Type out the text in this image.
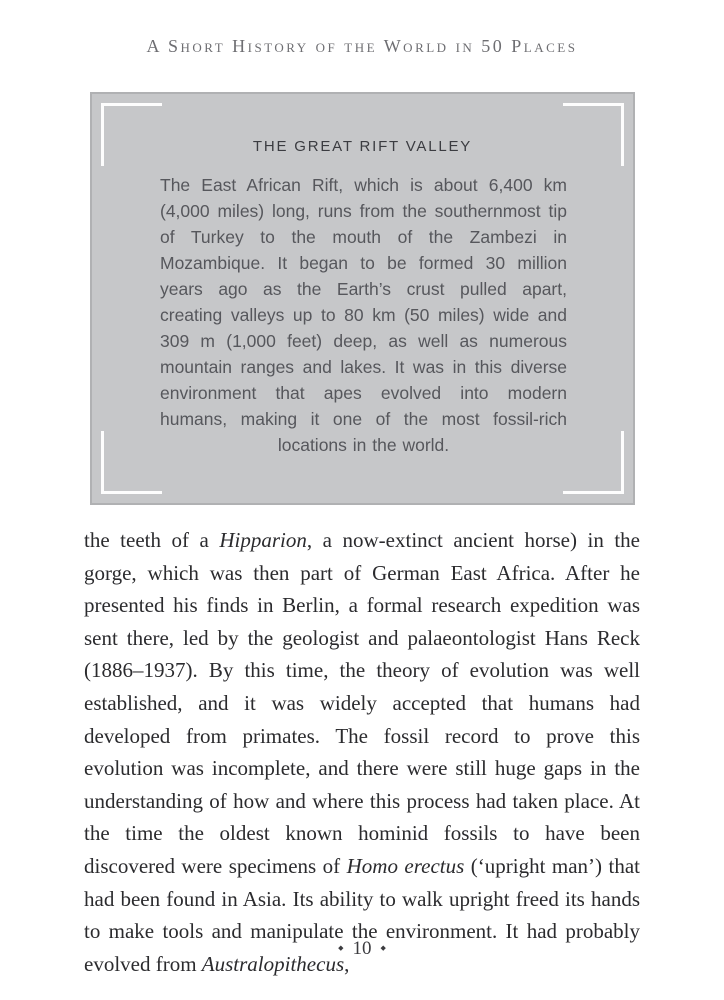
A Short History of the World in 50 Places
THE GREAT RIFT VALLEY

The East African Rift, which is about 6,400 km (4,000 miles) long, runs from the southernmost tip of Turkey to the mouth of the Zambezi in Mozambique. It began to be formed 30 million years ago as the Earth’s crust pulled apart, creating valleys up to 80 km (50 miles) wide and 309 m (1,000 feet) deep, as well as numerous mountain ranges and lakes. It was in this diverse environment that apes evolved into modern humans, making it one of the most fossil-rich locations in the world.

the teeth of a Hipparion, a now-extinct ancient horse) in the gorge, which was then part of German East Africa. After he presented his finds in Berlin, a formal research expedition was sent there, led by the geologist and palaeontologist Hans Reck (1886–1937). By this time, the theory of evolution was well established, and it was widely accepted that humans had developed from primates. The fossil record to prove this evolution was incomplete, and there were still huge gaps in the understanding of how and where this process had taken place. At the time the oldest known hominid fossils to have been discovered were specimens of Homo erectus (‘upright man’) that had been found in Asia. Its ability to walk upright freed its hands to make tools and manipulate the environment. It had probably evolved from Australopithecus,

◆ 10 ◆
